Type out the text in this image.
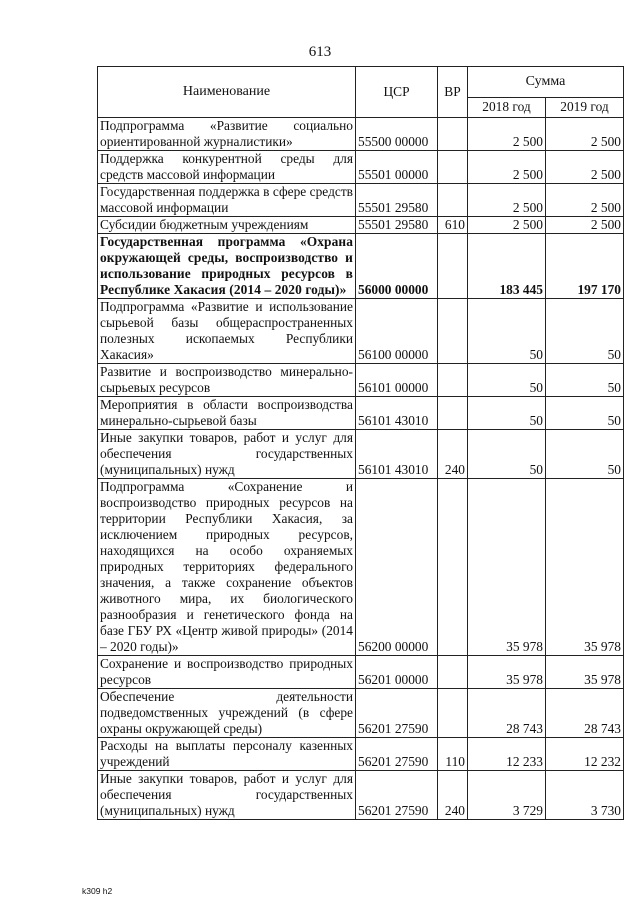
613
Наименование	ЦСР	ВР	Сумма	
			2018 год	2019 год
Подпрограмма «Развитие социально ориентированной журналистики»	55500 00000		2 500	2 500
Поддержка конкурентной среды для средств массовой информации	55501 00000		2 500	2 500
Государственная поддержка в сфере средств массовой информации	55501 29580		2 500	2 500
Субсидии бюджетным учреждениям	55501 29580	610	2 500	2 500
Государственная программа «Охрана окружающей среды, воспроизводство и использование природных ресурсов в Республике Хакасия (2014 – 2020 годы)»	56000 00000		183 445	197 170
Подпрограмма «Развитие и использование сырьевой базы общераспространенных полезных ископаемых Республики Хакасия»	56100 00000		50	50
Развитие и воспроизводство минерально-сырьевых ресурсов	56101 00000		50	50
Мероприятия в области воспроизводства минерально-сырьевой базы	56101 43010		50	50
Иные закупки товаров, работ и услуг для обеспечения государственных (муниципальных) нужд	56101 43010	240	50	50
Подпрограмма «Сохранение и воспроизводство природных ресурсов на территории Республики Хакасия, за исключением природных ресурсов, находящихся на особо охраняемых природных территориях федерального значения, а также сохранение объектов животного мира, их биологического разнообразия и генетического фонда на базе ГБУ РХ «Центр живой природы» (2014 – 2020 годы)»	56200 00000		35 978	35 978
Сохранение и воспроизводство природных ресурсов	56201 00000		35 978	35 978
Обеспечение деятельности подведомственных учреждений (в сфере охраны окружающей среды)	56201 27590		28 743	28 743
Расходы на выплаты персоналу казенных учреждений	56201 27590	110	12 233	12 232
Иные закупки товаров, работ и услуг для обеспечения государственных (муниципальных) нужд	56201 27590	240	3 729	3 730
k309 h2
